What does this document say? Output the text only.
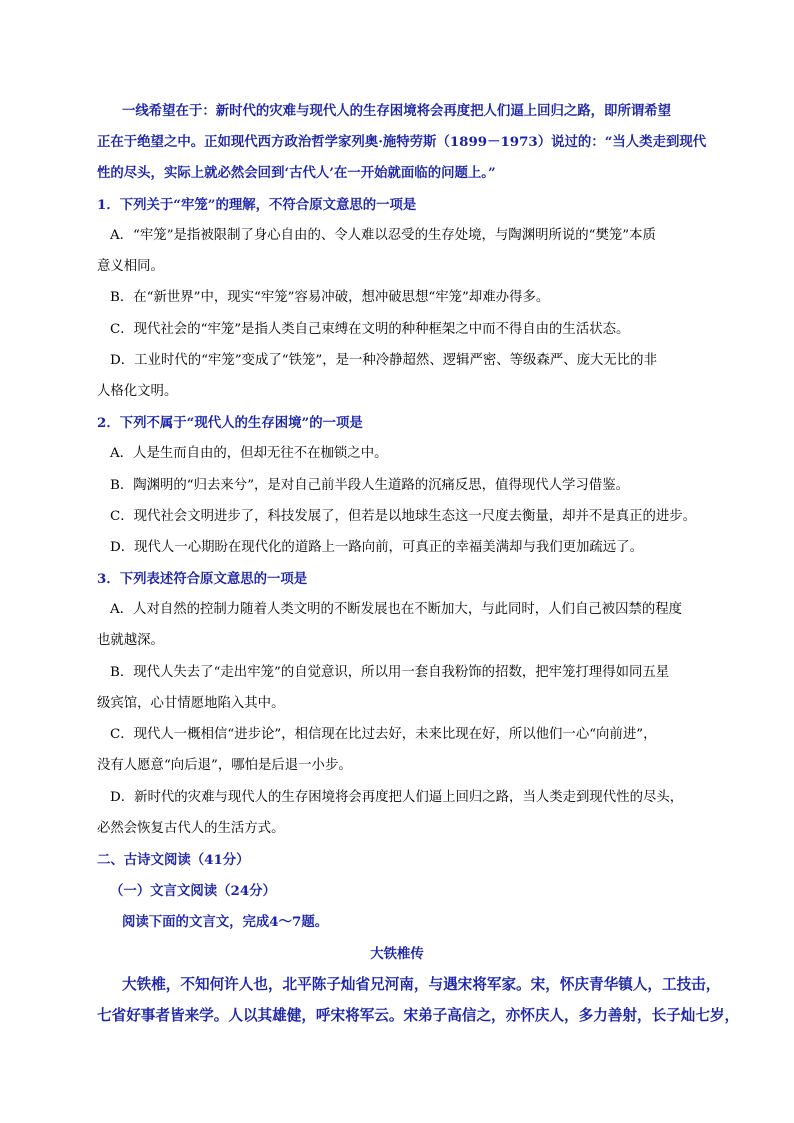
一线希望在于：新时代的灾难与现代人的生存困境将会再度把人们逼上回归之路，即所谓希望
正在于绝望之中。正如现代西方政治哲学家列奥·施特劳斯（1899－1973）说过的：“当人类走到现代
性的尽头，实际上就必然会回到‘古代人’在一开始就面临的问题上。”
1．下列关于“牢笼”的理解，不符合原文意思的一项是
A．“牢笼”是指被限制了身心自由的、令人难以忍受的生存处境，与陶渊明所说的“樊笼”本质
意义相同。
B．在“新世界”中，现实“牢笼”容易冲破，想冲破思想“牢笼”却难办得多。
C．现代社会的“牢笼”是指人类自己束缚在文明的种种框架之中而不得自由的生活状态。
D．工业时代的“牢笼”变成了“铁笼”，是一种冷静超然、逻辑严密、等级森严、庞大无比的非
人格化文明。
2．下列不属于“现代人的生存困境”的一项是
A．人是生而自由的，但却无往不在枷锁之中。
B．陶渊明的“归去来兮”，是对自己前半段人生道路的沉痛反思，值得现代人学习借鉴。
C．现代社会文明进步了，科技发展了，但若是以地球生态这一尺度去衡量，却并不是真正的进步。
D．现代人一心期盼在现代化的道路上一路向前，可真正的幸福美满却与我们更加疏远了。
3．下列表述符合原文意思的一项是
A．人对自然的控制力随着人类文明的不断发展也在不断加大，与此同时，人们自己被囚禁的程度
也就越深。
B．现代人失去了“走出牢笼”的自觉意识，所以用一套自我粉饰的招数，把牢笼打理得如同五星
级宾馆，心甘情愿地陷入其中。
C．现代人一概相信“进步论”，相信现在比过去好，未来比现在好，所以他们一心“向前进”，
没有人愿意“向后退”，哪怕是后退一小步。
D．新时代的灾难与现代人的生存困境将会再度把人们逼上回归之路，当人类走到现代性的尽头，
必然会恢复古代人的生活方式。
二、古诗文阅读（41分）
（一）文言文阅读（24分）
阅读下面的文言文，完成4～7题。
大铁椎传
大铁椎，不知何许人也，北平陈子灿省兄河南，与遇宋将军家。宋，怀庆青华镇人，工技击，
七省好事者皆来学。人以其雄健，呼宋将军云。宋弟子高信之，亦怀庆人，多力善射，长子灿七岁，
